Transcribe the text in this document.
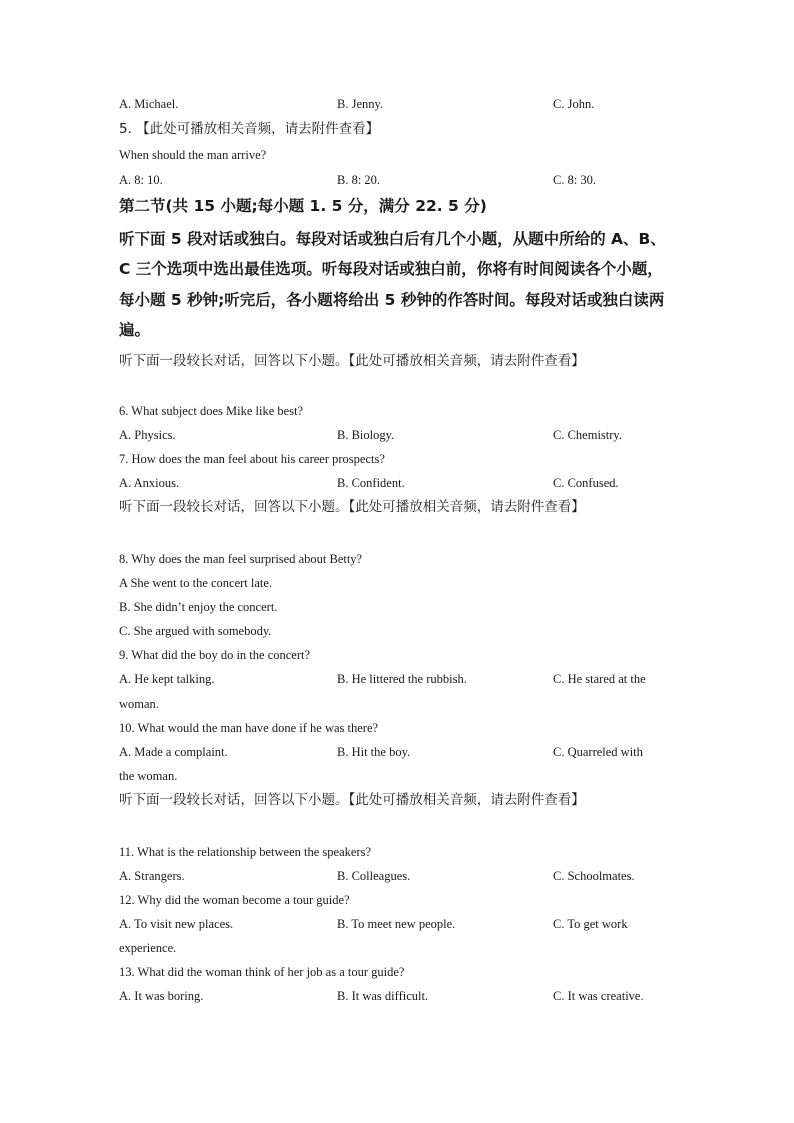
A. Michael.	B. Jenny.	C. John.
5. 【此处可播放相关音频，请去附件查看】
When should the man arrive?
A. 8: 10.	B. 8: 20.	C. 8: 30.
第二节(共 15 小题;每小题 1. 5 分，满分 22. 5 分)
听下面 5 段对话或独白。每段对话或独白后有几个小题，从题中所给的 A、B、
C 三个选项中选出最佳选项。听每段对话或独白前，你将有时间阅读各个小题，
每小题 5 秒钟;听完后，各小题将给出 5 秒钟的作答时间。每段对话或独白读两
遍。
听下面一段较长对话，回答以下小题。【此处可播放相关音频，请去附件查看】
6. What subject does Mike like best?
A. Physics.	B. Biology.	C. Chemistry.
7. How does the man feel about his career prospects?
A. Anxious.	B. Confident.	C. Confused.
听下面一段较长对话，回答以下小题。【此处可播放相关音频，请去附件查看】
8. Why does the man feel surprised about Betty?
A She went to the concert late.
B. She didn’t enjoy the concert.
C. She argued with somebody.
9. What did the boy do in the concert?
A. He kept talking.	B. He littered the rubbish.	C. He stared at the
woman.
10. What would the man have done if he was there?
A. Made a complaint.	B. Hit the boy.	C. Quarreled with
the woman.
听下面一段较长对话，回答以下小题。【此处可播放相关音频，请去附件查看】
11. What is the relationship between the speakers?
A. Strangers.	B. Colleagues.	C. Schoolmates.
12. Why did the woman become a tour guide?
A. To visit new places.	B. To meet new people.	C. To get work
experience.
13. What did the woman think of her job as a tour guide?
A. It was boring.	B. It was difficult.	C. It was creative.
